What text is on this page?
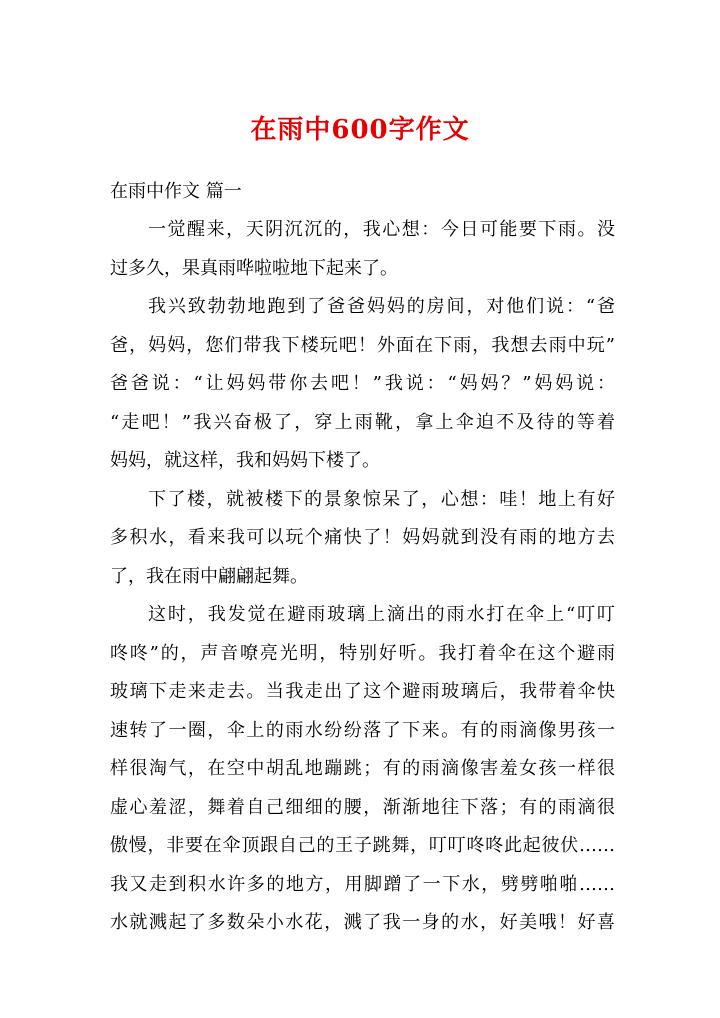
在雨中600字作文
在雨中作文 篇一
一觉醒来，天阴沉沉的，我心想：今日可能要下雨。没
过多久，果真雨哗啦啦地下起来了。
我兴致勃勃地跑到了爸爸妈妈的房间，对他们说：“爸
爸，妈妈，您们带我下楼玩吧！外面在下雨，我想去雨中玩”
爸爸说：“让妈妈带你去吧！”我说：“妈妈？”妈妈说：
“走吧！”我兴奋极了，穿上雨靴，拿上伞迫不及待的等着
妈妈，就这样，我和妈妈下楼了。
下了楼，就被楼下的景象惊呆了，心想：哇！地上有好
多积水，看来我可以玩个痛快了！妈妈就到没有雨的地方去
了，我在雨中翩翩起舞。
这时，我发觉在避雨玻璃上滴出的雨水打在伞上“叮叮
咚咚”的，声音嘹亮光明，特别好听。我打着伞在这个避雨
玻璃下走来走去。当我走出了这个避雨玻璃后，我带着伞快
速转了一圈，伞上的雨水纷纷落了下来。有的雨滴像男孩一
样很淘气，在空中胡乱地蹦跳；有的雨滴像害羞女孩一样很
虚心羞涩，舞着自己细细的腰，渐渐地往下落；有的雨滴很
傲慢，非要在伞顶跟自己的王子跳舞，叮叮咚咚此起彼伏……
我又走到积水许多的地方，用脚蹭了一下水，劈劈啪啪……
水就溅起了多数朵小水花，溅了我一身的水，好美哦！好喜
